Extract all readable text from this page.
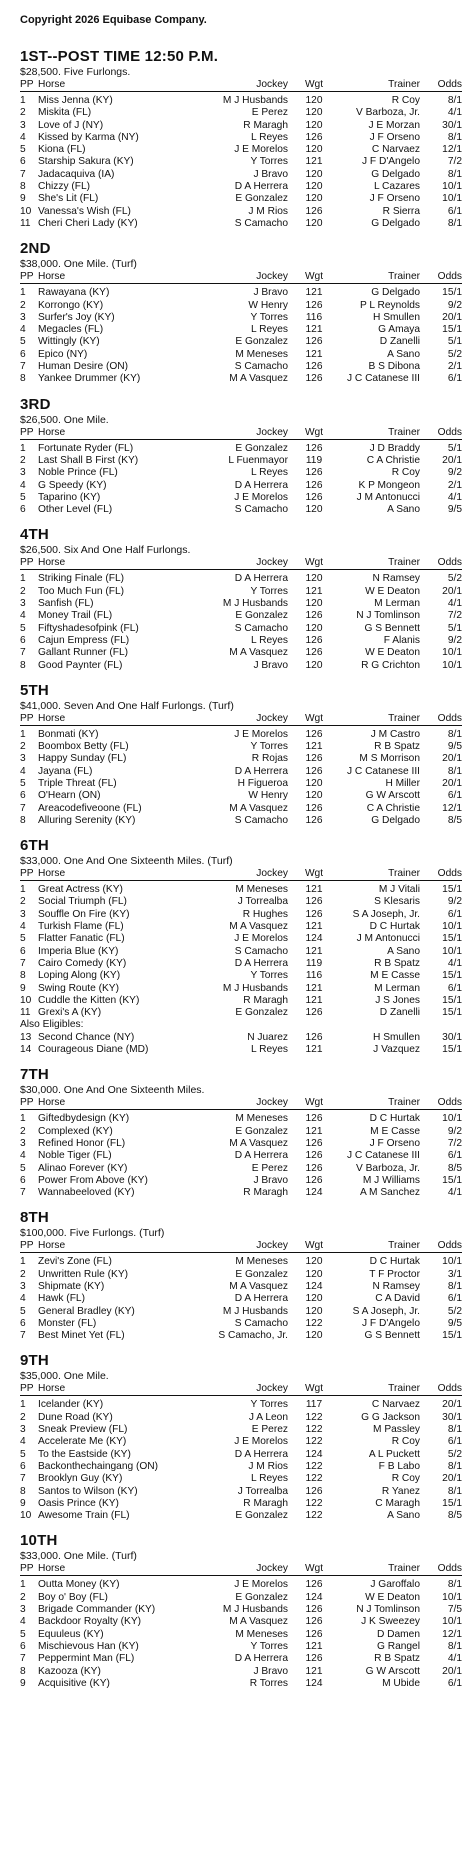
Copyright 2026 Equibase Company.
1ST--POST TIME 12:50 P.M.
$28,500. Five Furlongs.
PP	Horse	Jockey	Wgt	Trainer	Odds

1	Miss Jenna (KY)	M J Husbands	120	R Coy	8/1
2	Miskita (FL)	E Perez	120	V Barboza, Jr.	4/1
3	Love of J (NY)	R Maragh	120	J E Morzan	30/1
4	Kissed by Karma (NY)	L Reyes	126	J F Orseno	8/1
5	Kiona (FL)	J E Morelos	120	C Narvaez	12/1
6	Starship Sakura (KY)	Y Torres	121	J F D'Angelo	7/2
7	Jadacaquiva (IA)	J Bravo	120	G Delgado	8/1
8	Chizzy (FL)	D A Herrera	120	L Cazares	10/1
9	She's Lit (FL)	E Gonzalez	120	J F Orseno	10/1
10	Vanessa's Wish (FL)	J M Rios	126	R Sierra	6/1
11	Cheri Cheri Lady (KY)	S Camacho	120	G Delgado	8/1
2ND
$38,000. One Mile. (Turf)
PP	Horse	Jockey	Wgt	Trainer	Odds

1	Rawayana (KY)	J Bravo	121	G Delgado	15/1
2	Korrongo (KY)	W Henry	126	P L Reynolds	9/2
3	Surfer's Joy (KY)	Y Torres	116	H Smullen	20/1
4	Megacles (FL)	L Reyes	121	G Amaya	15/1
5	Wittingly (KY)	E Gonzalez	126	D Zanelli	5/1
6	Epico (NY)	M Meneses	121	A Sano	5/2
7	Human Desire (ON)	S Camacho	126	B S Dibona	2/1
8	Yankee Drummer (KY)	M A Vasquez	126	J C Catanese III	6/1
3RD
$26,500. One Mile.
PP	Horse	Jockey	Wgt	Trainer	Odds

1	Fortunate Ryder (FL)	E Gonzalez	126	J D Braddy	5/1
2	Last Shall B First (KY)	L Fuenmayor	119	C A Christie	20/1
3	Noble Prince (FL)	L Reyes	126	R Coy	9/2
4	G Speedy (KY)	D A Herrera	126	K P Mongeon	2/1
5	Taparino (KY)	J E Morelos	126	J M Antonucci	4/1
6	Other Level (FL)	S Camacho	120	A Sano	9/5
4TH
$26,500. Six And One Half Furlongs.
PP	Horse	Jockey	Wgt	Trainer	Odds

1	Striking Finale (FL)	D A Herrera	120	N Ramsey	5/2
2	Too Much Fun (FL)	Y Torres	121	W E Deaton	20/1
3	Sanfish (FL)	M J Husbands	120	M Lerman	4/1
4	Money Trail (FL)	E Gonzalez	126	N J Tomlinson	7/2
5	Fiftyshadesofpink (FL)	S Camacho	120	G S Bennett	5/1
6	Cajun Empress (FL)	L Reyes	126	F Alanis	9/2
7	Gallant Runner (FL)	M A Vasquez	126	W E Deaton	10/1
8	Good Paynter (FL)	J Bravo	120	R G Crichton	10/1
5TH
$41,000. Seven And One Half Furlongs. (Turf)
PP	Horse	Jockey	Wgt	Trainer	Odds

1	Bonmati (KY)	J E Morelos	126	J M Castro	8/1
2	Boombox Betty (FL)	Y Torres	121	R B Spatz	9/5
3	Happy Sunday (FL)	R Rojas	126	M S Morrison	20/1
4	Jayana (FL)	D A Herrera	126	J C Catanese III	8/1
5	Triple Threat (FL)	H Figueroa	120	H Miller	20/1
6	O'Hearn (ON)	W Henry	120	G W Arscott	6/1
7	Areacodefiveoone (FL)	M A Vasquez	126	C A Christie	12/1
8	Alluring Serenity (KY)	S Camacho	126	G Delgado	8/5
6TH
$33,000. One And One Sixteenth Miles. (Turf)
PP	Horse	Jockey	Wgt	Trainer	Odds

1	Great Actress (KY)	M Meneses	121	M J Vitali	15/1
2	Social Triumph (FL)	J Torrealba	126	S Klesaris	9/2
3	Souffle On Fire (KY)	R Hughes	126	S A Joseph, Jr.	6/1
4	Turkish Flame (FL)	M A Vasquez	121	D C Hurtak	10/1
5	Flatter Fanatic (FL)	J E Morelos	124	J M Antonucci	15/1
6	Imperia Blue (KY)	S Camacho	121	A Sano	10/1
7	Cairo Comedy (KY)	D A Herrera	119	R B Spatz	4/1
8	Loping Along (KY)	Y Torres	116	M E Casse	15/1
9	Swing Route (KY)	M J Husbands	121	M Lerman	6/1
10	Cuddle the Kitten (KY)	R Maragh	121	J S Jones	15/1
11	Grexi's A (KY)	E Gonzalez	126	D Zanelli	15/1
Also Eligibles:					
13	Second Chance (NY)	N Juarez	126	H Smullen	30/1
14	Courageous Diane (MD)	L Reyes	121	J Vazquez	15/1
7TH
$30,000. One And One Sixteenth Miles.
PP	Horse	Jockey	Wgt	Trainer	Odds

1	Giftedbydesign (KY)	M Meneses	126	D C Hurtak	10/1
2	Complexed (KY)	E Gonzalez	121	M E Casse	9/2
3	Refined Honor (FL)	M A Vasquez	126	J F Orseno	7/2
4	Noble Tiger (FL)	D A Herrera	126	J C Catanese III	6/1
5	Alinao Forever (KY)	E Perez	126	V Barboza, Jr.	8/5
6	Power From Above (KY)	J Bravo	126	M J Williams	15/1
7	Wannabeeloved (KY)	R Maragh	124	A M Sanchez	4/1
8TH
$100,000. Five Furlongs. (Turf)
PP	Horse	Jockey	Wgt	Trainer	Odds

1	Zevi's Zone (FL)	M Meneses	120	D C Hurtak	10/1
2	Unwritten Rule (KY)	E Gonzalez	120	T F Proctor	3/1
3	Shipmate (KY)	M A Vasquez	124	N Ramsey	8/1
4	Hawk (FL)	D A Herrera	120	C A David	6/1
5	General Bradley (KY)	M J Husbands	120	S A Joseph, Jr.	5/2
6	Monster (FL)	S Camacho	122	J F D'Angelo	9/5
7	Best Minet Yet (FL)	S Camacho, Jr.	120	G S Bennett	15/1
9TH
$35,000. One Mile.
PP	Horse	Jockey	Wgt	Trainer	Odds

1	Icelander (KY)	Y Torres	117	C Narvaez	20/1
2	Dune Road (KY)	J A Leon	122	G G Jackson	30/1
3	Sneak Preview (FL)	E Perez	122	M Passley	8/1
4	Accelerate Me (KY)	J E Morelos	122	R Coy	6/1
5	To the Eastside (KY)	D A Herrera	124	A L Puckett	5/2
6	Backonthechaingang (ON)	J M Rios	122	F B Labo	8/1
7	Brooklyn Guy (KY)	L Reyes	122	R Coy	20/1
8	Santos to Wilson (KY)	J Torrealba	126	R Yanez	8/1
9	Oasis Prince (KY)	R Maragh	122	C Maragh	15/1
10	Awesome Train (FL)	E Gonzalez	122	A Sano	8/5
10TH
$33,000. One Mile. (Turf)
PP	Horse	Jockey	Wgt	Trainer	Odds

1	Outta Money (KY)	J E Morelos	126	J Garoffalo	8/1
2	Boy o' Boy (FL)	E Gonzalez	124	W E Deaton	10/1
3	Brigade Commander (KY)	M J Husbands	126	N J Tomlinson	7/5
4	Backdoor Royalty (KY)	M A Vasquez	126	J K Sweezey	10/1
5	Equuleus (KY)	M Meneses	126	D Damen	12/1
6	Mischievous Han (KY)	Y Torres	121	G Rangel	8/1
7	Peppermint Man (FL)	D A Herrera	126	R B Spatz	4/1
8	Kazooza (KY)	J Bravo	121	G W Arscott	20/1
9	Acquisitive (KY)	R Torres	124	M Ubide	6/1
